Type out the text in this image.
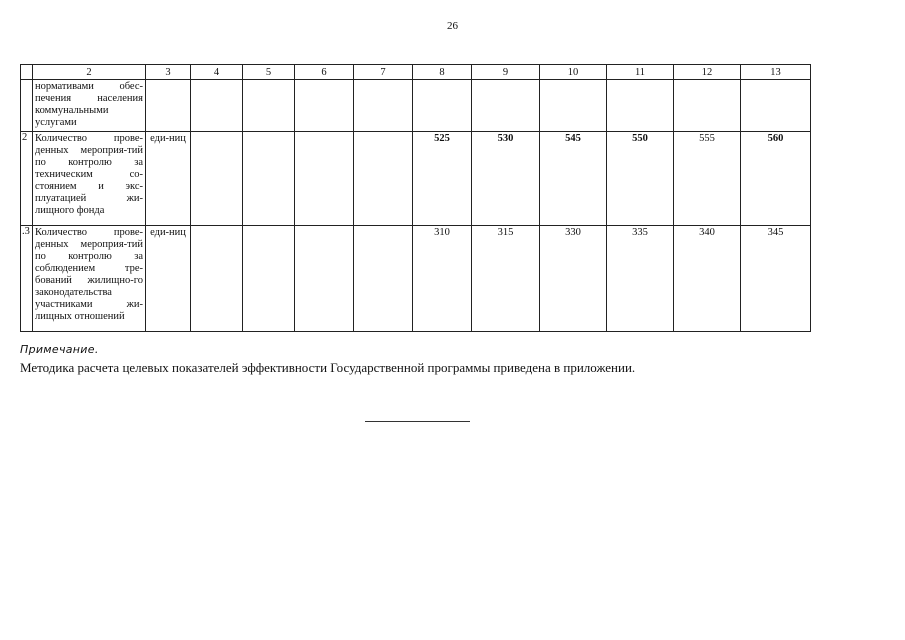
26
	2	3	4	5	6	7	8	9	10	11	12	13
	нормативами обес-печения населения коммунальными услугами											
2	Количество прове-денных мероприя-тий по контролю за техническим со-стоянием и экс-плуатацией жи-лищного фонда	еди-ниц					525	530	545	550	555	560
.3	Количество прове-денных мероприя-тий по контролю за соблюдением тре-бований жилищно-го законодательства участниками жи-лищных отношений	еди-ниц					310	315	330	335	340	345
Примечание.
Методика расчета целевых показателей эффективности Государственной программы приведена в приложении.
